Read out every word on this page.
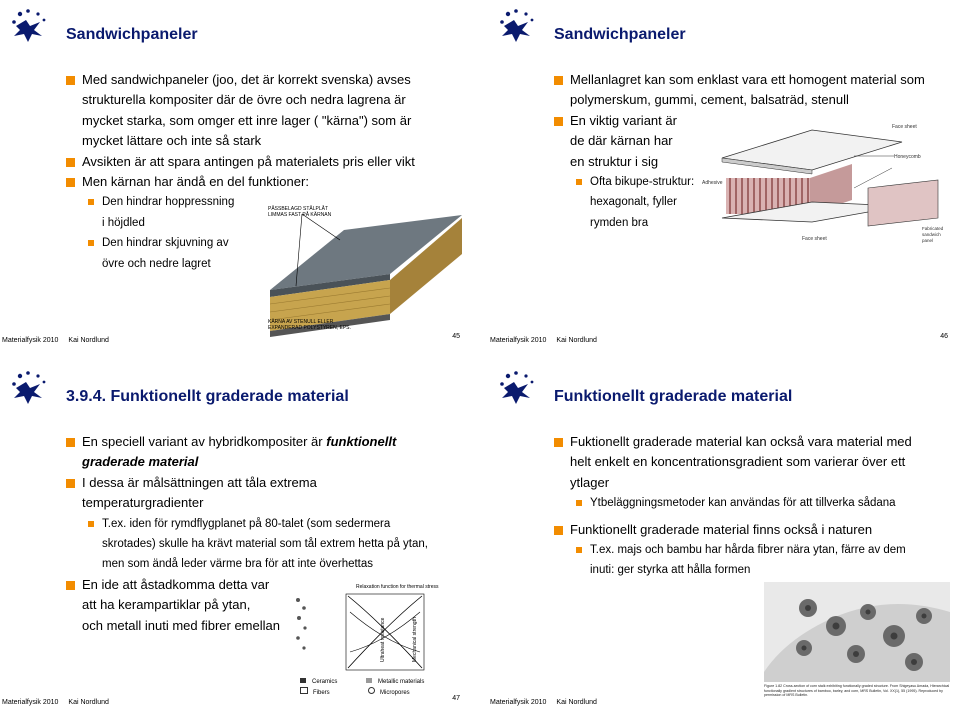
Sandwichpaneler
Med sandwichpaneler (joo, det är korrekt svenska) avses
strukturella kompositer där de övre och nedra lagrena är
mycket starka, som omger ett inre lager ( "kärna") som är
mycket lättare och inte så stark
Avsikten är att spara antingen på materialets pris eller vikt
Men kärnan har ändå en del funktioner:
Den hindrar hoppressning
i höjdled
Den hindrar skjuvning av
övre och nedre lagret
PÅSSBELAGD STÅLPLÅT
LIMMAS FAST PÅ KÄRNAN
KÄRNA AV STENULL ELLER
EXPANDERAD POLYSTYREN, EPS.
Materialfysik 2010 Kai Nordlund
45
Sandwichpaneler
Mellanlagret kan som enklast vara ett homogent material som
polymerskum, gummi, cement, balsaträd, stenull
En viktig variant är
de där kärnan har
en struktur i sig
Ofta bikupe-struktur:
hexagonalt, fyller
rymden bra
Face sheet
Honeycomb
Adhesive
Face sheet
Fabricated
sandwich
panel
Materialfysik 2010 Kai Nordlund
46
3.9.4. Funktionellt graderade material
En speciell variant av hybridkompositer är funktionellt
graderade material
I dessa är målsättningen att tåla extrema
temperaturgradienter
T.ex. iden för rymdflygplanet på 80-talet (som sedermera
skrotades) skulle ha krävt material som tål extrem hetta på ytan,
men som ändå leder värme bra för att inte överhettas
En ide att åstadkomma detta var
att ha kerampartiklar på ytan,
och metall inuti med fibrer emellan
Relaxation function for thermal stress
Ultraheat resistance	Mechanical strength
Ceramics	Metallic materials
Fibers	Micropores
Materialfysik 2010 Kai Nordlund
47
Funktionellt graderade material
Fuktionellt graderade material kan också vara material med
helt enkelt en koncentrationsgradient som varierar över ett
ytlager
Ytbeläggningsmetoder kan användas för att tillverka sådana
Funktionellt graderade material finns också i naturen
T.ex. majs och bambu har hårda fibrer nära ytan, färre av dem
inuti: ger styrka att hålla formen
Figure 1.82 Cross-section of corn stalk exhibiting functionally graded structure. From Shigeyasu Amada, Hierarchical functionally gradient structures of bamboo, barley, and corn, MRS Bulletin, Vol. XX(1), 55 (1995). Reproduced by permission of MRS Bulletin.
Materialfysik 2010 Kai Nordlund
